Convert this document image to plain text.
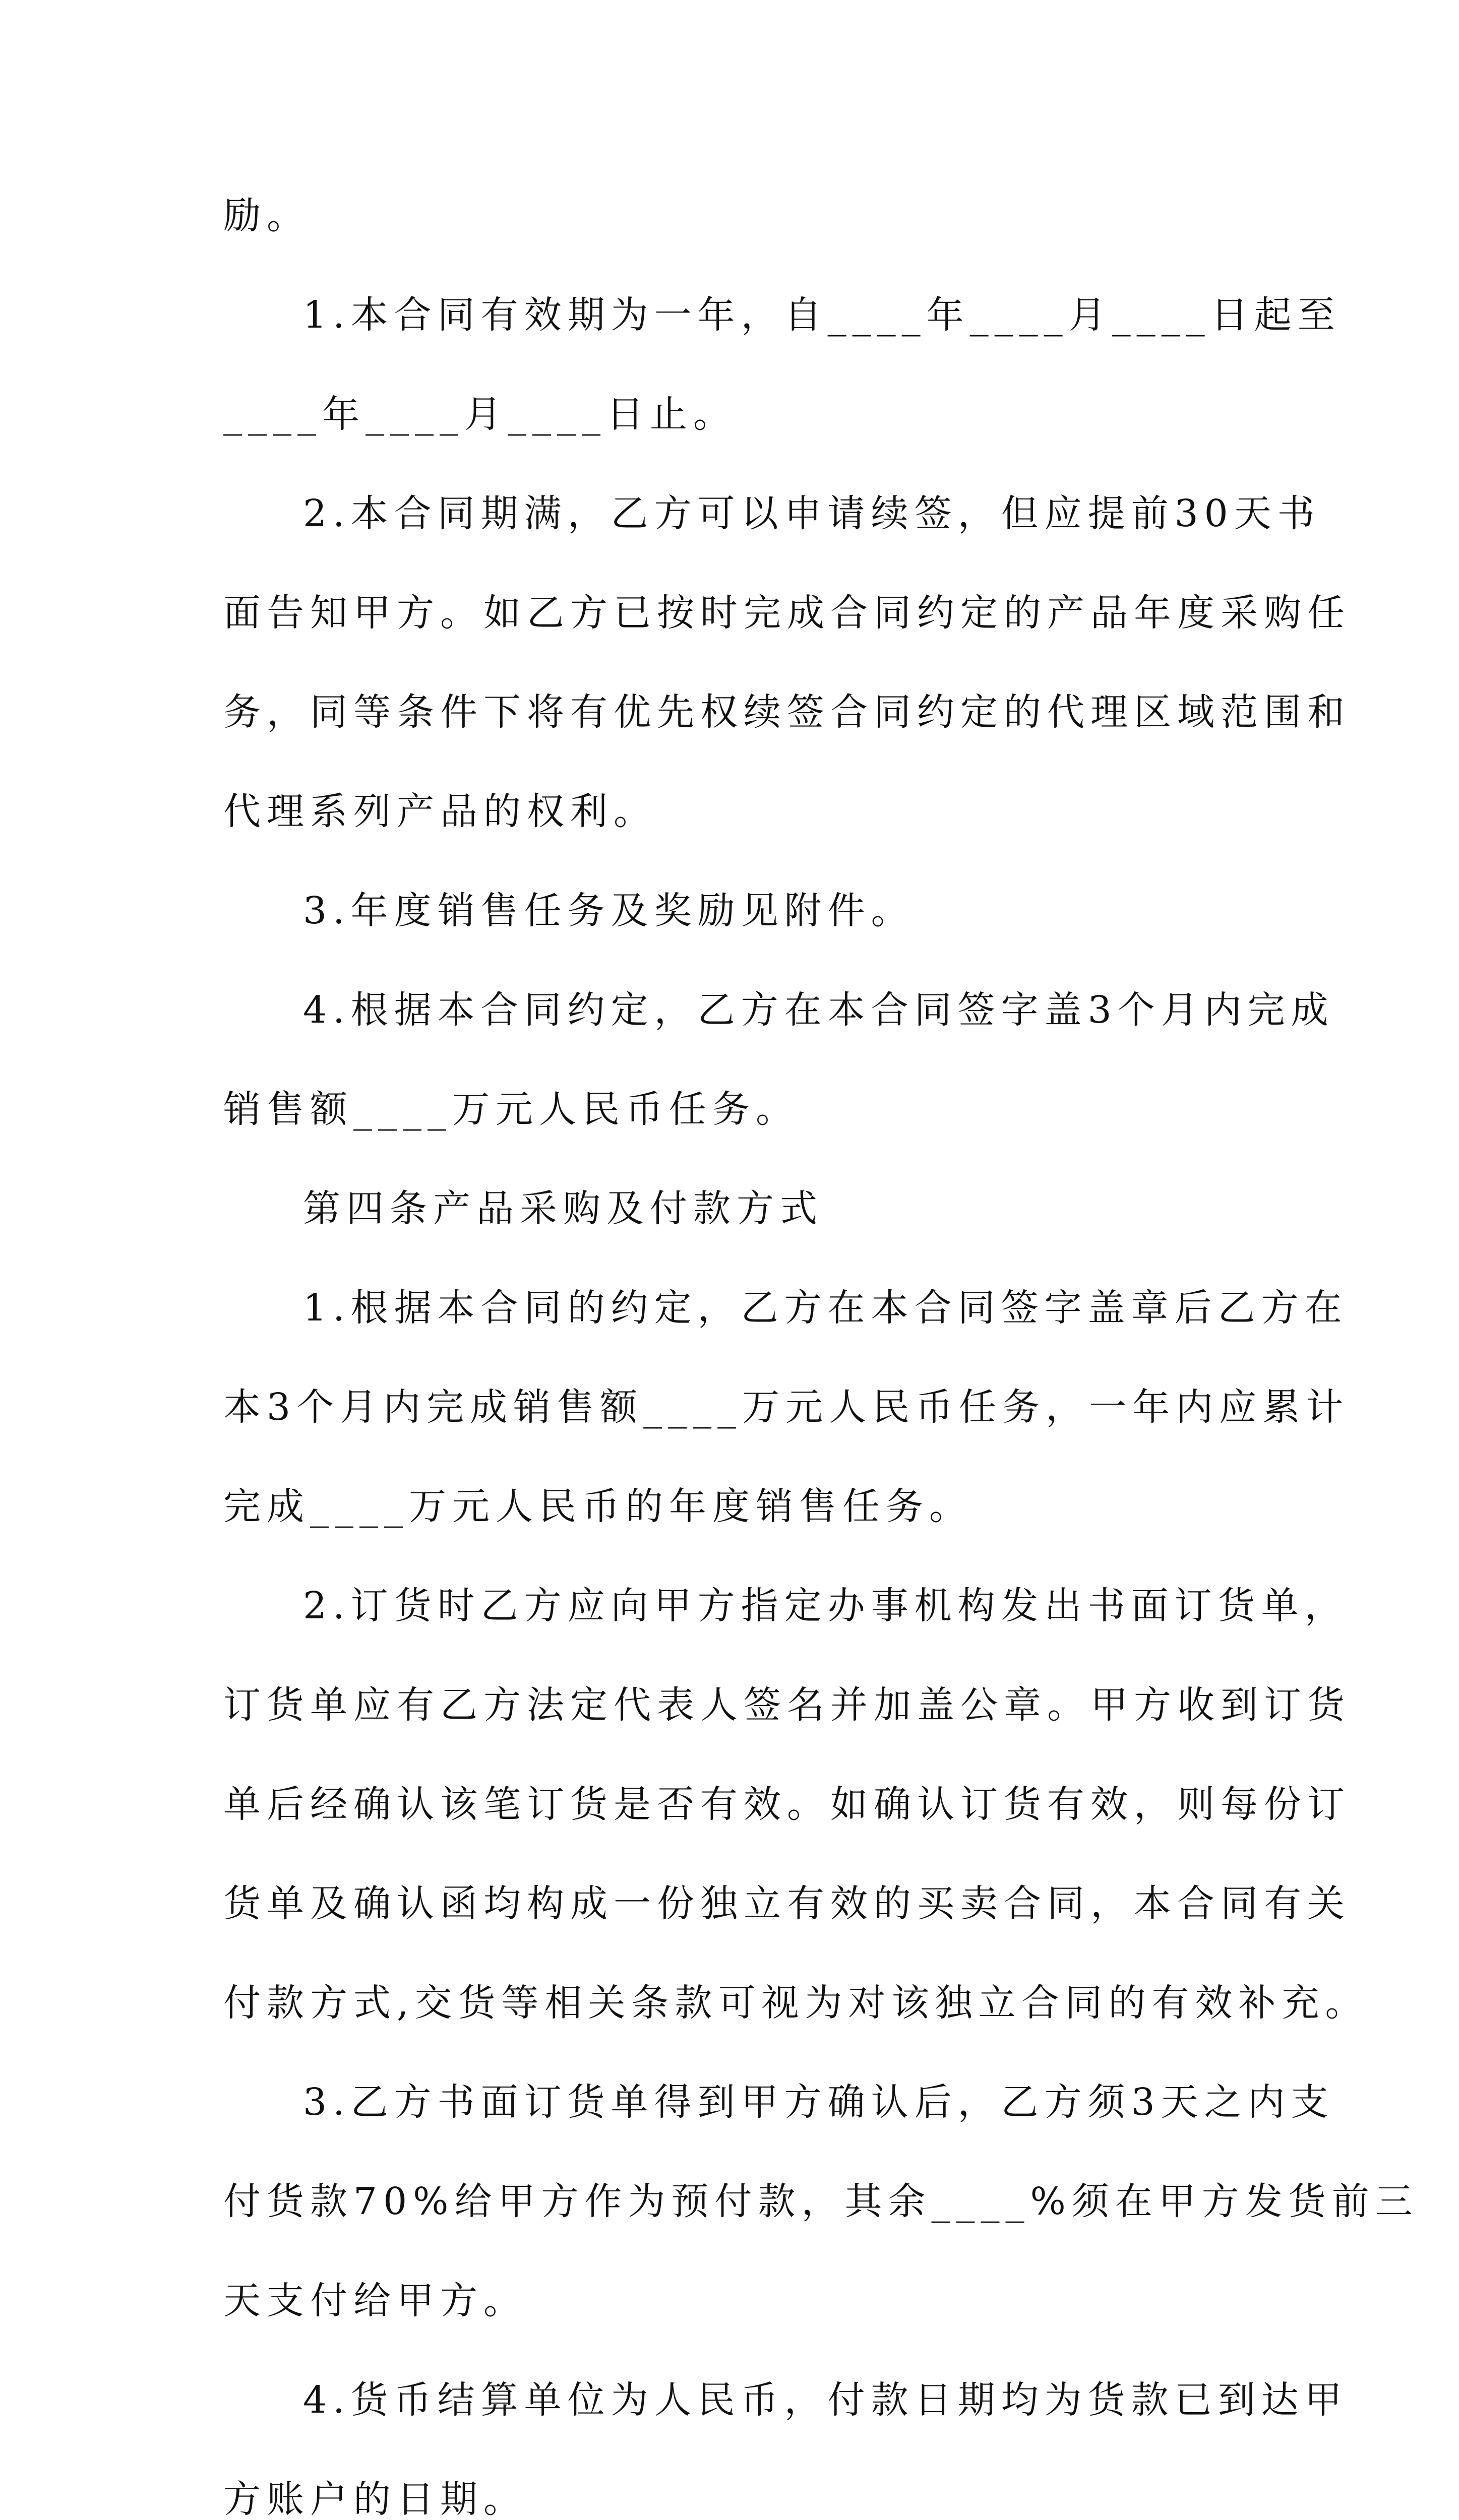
励。

1.本合同有效期为一年，自____年____月____日起至
____年____月____日止。

2.本合同期满，乙方可以申请续签，但应提前30天书
面告知甲方。如乙方已按时完成合同约定的产品年度采购任
务，同等条件下将有优先权续签合同约定的代理区域范围和
代理系列产品的权利。

3.年度销售任务及奖励见附件。

4.根据本合同约定，乙方在本合同签字盖3个月内完成
销售额____万元人民币任务。

第四条产品采购及付款方式

1.根据本合同的约定，乙方在本合同签字盖章后乙方在
本3个月内完成销售额____万元人民币任务，一年内应累计
完成____万元人民币的年度销售任务。

2.订货时乙方应向甲方指定办事机构发出书面订货单，
订货单应有乙方法定代表人签名并加盖公章。甲方收到订货
单后经确认该笔订货是否有效。如确认订货有效，则每份订
货单及确认函均构成一份独立有效的买卖合同，本合同有关
付款方式,交货等相关条款可视为对该独立合同的有效补充。

3.乙方书面订货单得到甲方确认后，乙方须3天之内支
付货款70%给甲方作为预付款，其余____%须在甲方发货前三
天支付给甲方。

4.货币结算单位为人民币，付款日期均为货款已到达甲
方账户的日期。
